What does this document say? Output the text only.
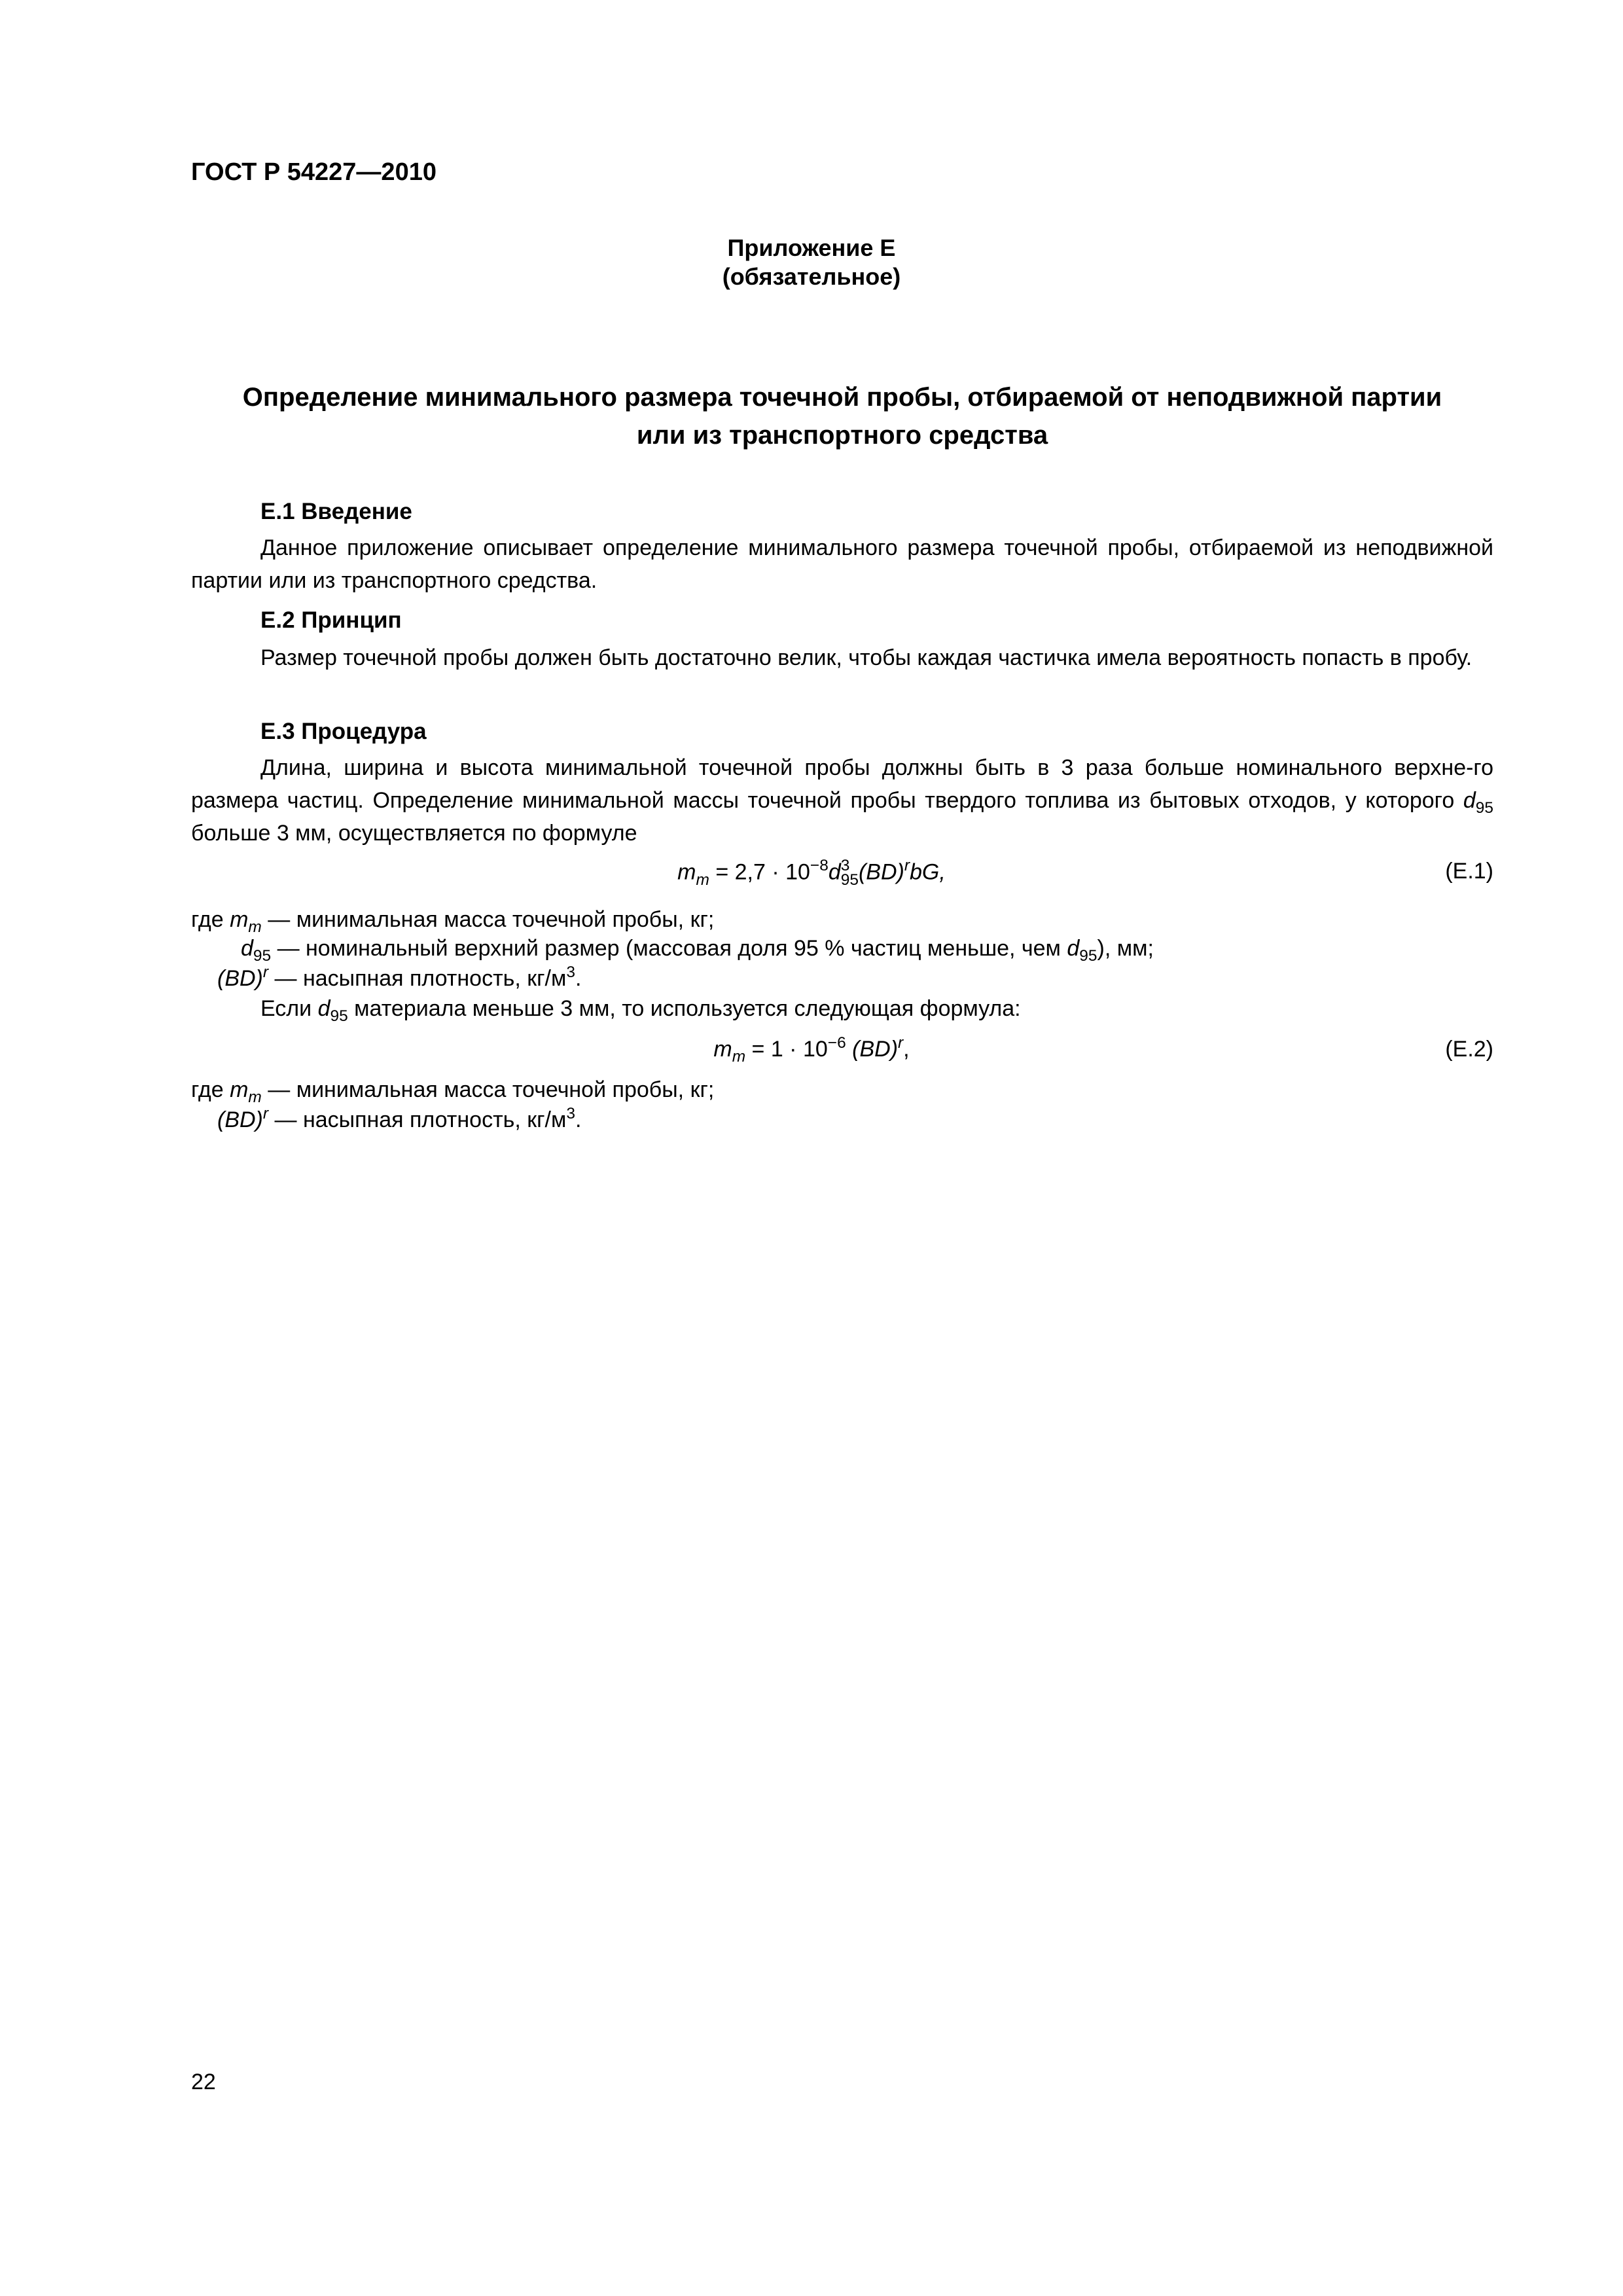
ГОСТ Р 54227—2010
Приложение Е
(обязательное)
Определение минимального размера точечной пробы, отбираемой от неподвижной партии
или из транспортного средства
Е.1 Введение
Данное приложение описывает определение минимального размера точечной пробы, отбираемой из неподвижной партии или из транспортного средства.
Е.2 Принцип
Размер точечной пробы должен быть достаточно велик, чтобы каждая частичка имела вероятность попасть в пробу.
Е.3 Процедура
Длина, ширина и высота минимальной точечной пробы должны быть в 3 раза больше номинального верхне-го размера частиц. Определение минимальной массы точечной пробы твердого топлива из бытовых отходов, у которого $d_{95}$ больше 3 мм, осуществляется по формуле
$m_m = 2,7 \cdot 10^{-8}d$ 3
95 (BD)$^r$bG,	(Е.1)
где $m_m$ — минимальная масса точечной пробы, кг;
$d_{95}$ — номинальный верхний размер (массовая доля 95 % частиц меньше, чем $d_{95}$), мм;
(BD)$^r$ — насыпная плотность, $кг/м^3$.
Если $d_{95}$ материала меньше 3 мм, то используется следующая формула:
$m_m = 1 \cdot 10^{-6}$ (BD)$^r$,	(Е.2)
где $m_m$ — минимальная масса точечной пробы, кг;
(BD)$^r$ — насыпная плотность, $кг/м^3$.
22
